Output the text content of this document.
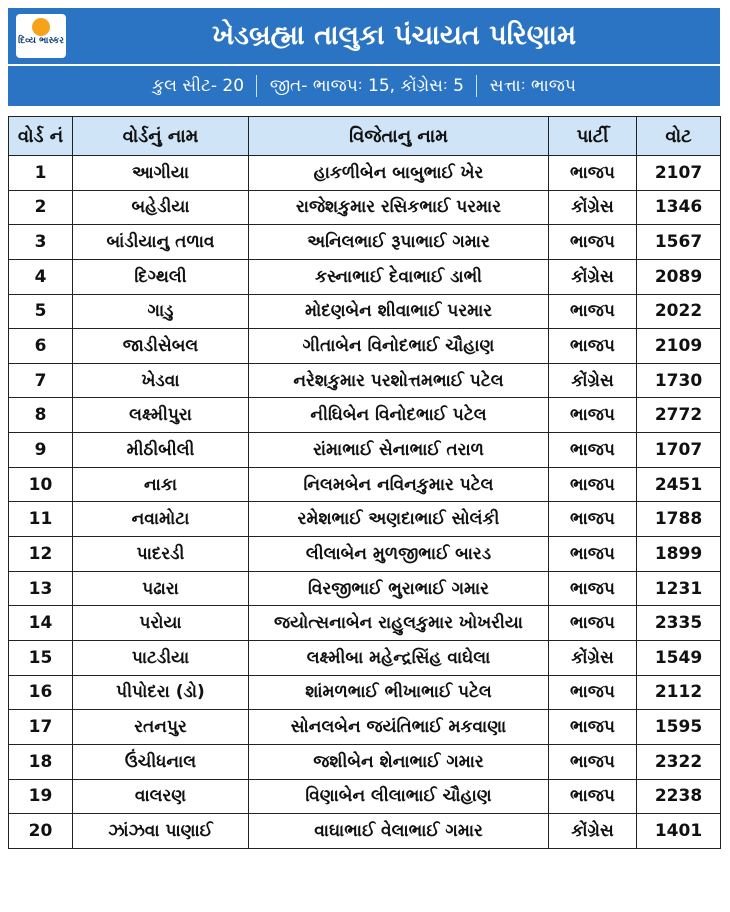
દિવ્ય ભાસ્કર	ખેડબ્રહ્મા તાલુકા પંચાયત પરિણામ
કુલ સીટ- 20 જીત- ભાજપઃ 15, કોંગ્રેસઃ 5 સત્તાઃ ભાજપ
વોર્ડ નં	વોર્ડનું નામ	વિજેતાનુ નામ	પાર્ટી	વોટ
1	આગીયા	હાકળીબેન બાબુભાઈ ખેર	ભાજપ	2107
2	બહેડીયા	રાજેશકુમાર રસિકભાઈ પરમાર	કોંગ્રેસ	1346
3	બાંડીયાનુ તળાવ	અનિલભાઈ રૂપાભાઈ ગમાર	ભાજપ	1567
4	દિગ્થલી	કસ્નાભાઈ દેવાભાઈ ડાભી	કોંગ્રેસ	2089
5	ગાડુ	મોદણબેન શીવાભાઈ પરમાર	ભાજપ	2022
6	જાડીસેબલ	ગીતાબેન વિનોદભાઈ ચૌહાણ	ભાજપ	2109
7	ખેડવા	નરેશકુમાર પરશોત્તમભાઈ પટેલ	કોંગ્રેસ	1730
8	લક્ષ્મીપુરા	નીઘિબેન વિનોદભાઈ પટેલ	ભાજપ	2772
9	મીઠીબીલી	રાંમાભાઈ સેનાભાઈ તરાળ	ભાજપ	1707
10	નાકા	નિલમબેન નવિનકુમાર પટેલ	ભાજપ	2451
11	નવામોટા	રમેશભાઈ અણદાભાઈ સોલંકી	ભાજપ	1788
12	પાદરડી	લીલાબેન મુળજીભાઈ બારડ	ભાજપ	1899
13	પઢારા	વિરજીભાઈ ભુરાભાઈ ગમાર	ભાજપ	1231
14	પરોયા	જયોત્સનાબેન રાહુલકુમાર ખોખરીયા	ભાજપ	2335
15	પાટડીયા	લક્ષ્મીબા મહેન્દ્રસિંહ વાઘેલા	કોંગ્રેસ	1549
16	પીપોદરા (ડો)	શાંમળભાઈ ભીખાભાઈ પટેલ	ભાજપ	2112
17	રતનપુર	સોનલબેન જયંતિભાઈ મકવાણા	ભાજપ	1595
18	ઉંચીધનાલ	જશીબેન શેનાભાઈ ગમાર	ભાજપ	2322
19	વાલરણ	વિણાબેન લીલાભાઈ ચૌહાણ	ભાજપ	2238
20	ઝાંઝવા પાણાઈ	વાઘાભાઈ વેલાભાઈ ગમાર	કોંગ્રેસ	1401
